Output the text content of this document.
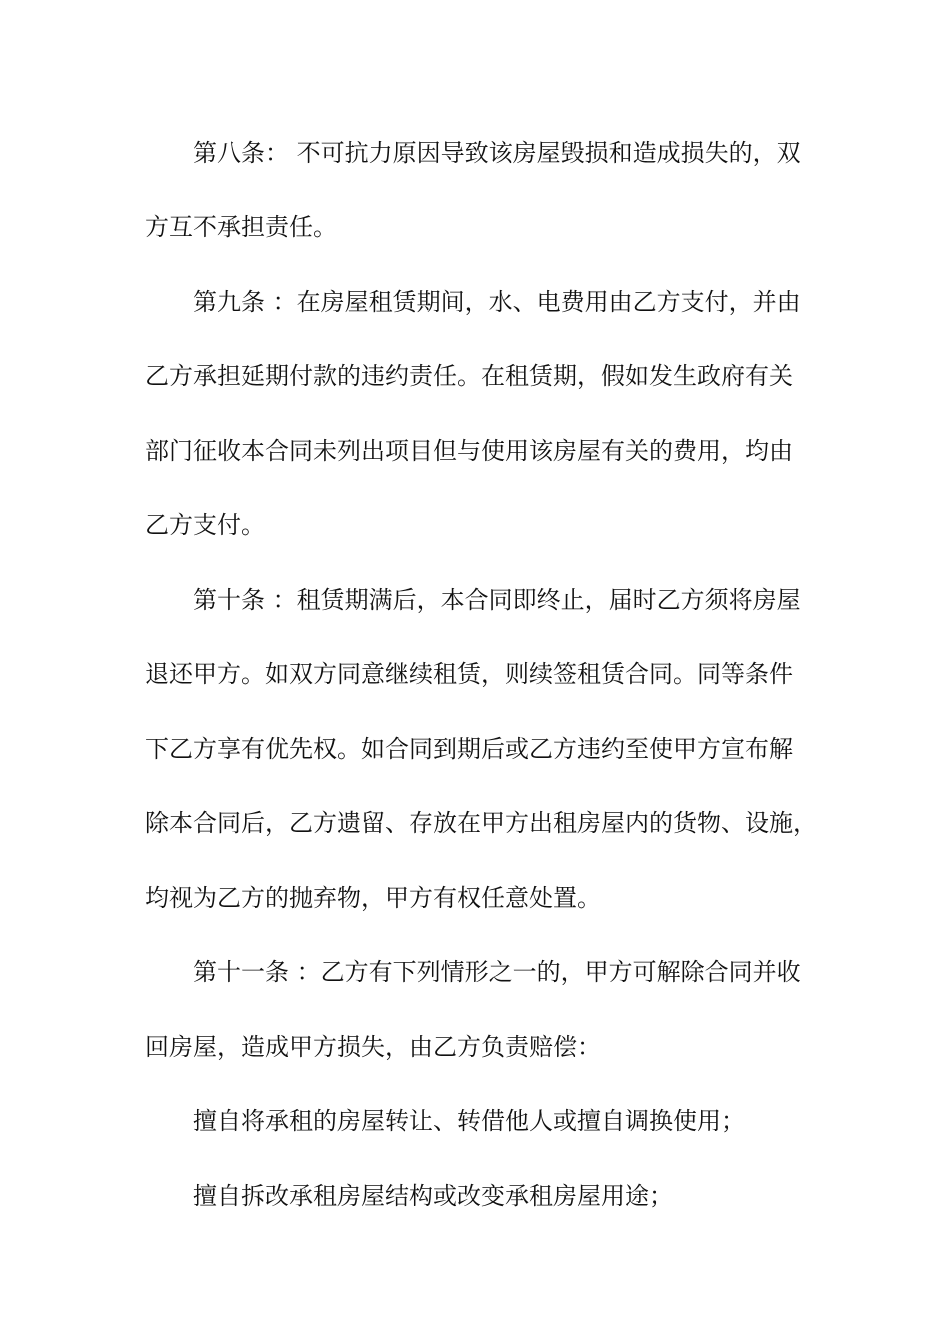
第八条： 不可抗力原因导致该房屋毁损和造成损失的，双
方互不承担责任。
第九条 ：在房屋租赁期间，水、电费用由乙方支付，并由
乙方承担延期付款的违约责任。在租赁期，假如发生政府有关
部门征收本合同未列出项目但与使用该房屋有关的费用，均由
乙方支付。
第十条 ：租赁期满后，本合同即终止，届时乙方须将房屋
退还甲方。如双方同意继续租赁，则续签租赁合同。同等条件
下乙方享有优先权。如合同到期后或乙方违约至使甲方宣布解
除本合同后，乙方遗留、存放在甲方出租房屋内的货物、设施，
均视为乙方的抛弃物，甲方有权任意处置。
第十一条 ：乙方有下列情形之一的，甲方可解除合同并收
回房屋，造成甲方损失，由乙方负责赔偿：
擅自将承租的房屋转让、转借他人或擅自调换使用；
擅自拆改承租房屋结构或改变承租房屋用途；
